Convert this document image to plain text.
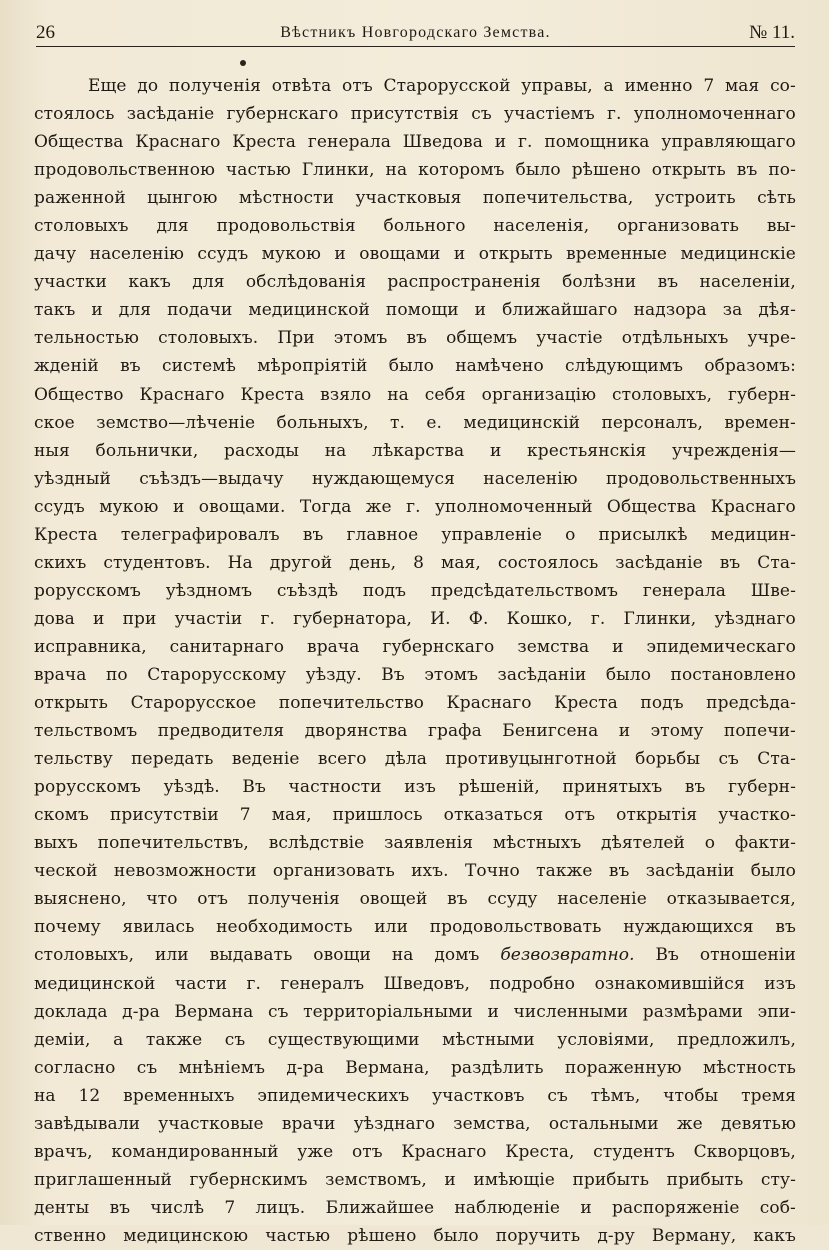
26	Вѣстникъ Новгородскаго Земства.	№ 11.
Еще до полученія отвѣта отъ Старорусской управы, а именно 7 мая со-
стоялось засѣданіе губернскаго присутствія съ участіемъ г. уполномоченнаго
Общества Краснаго Креста генерала Шведова и г. помощника управляющаго
продовольственною частью Глинки, на которомъ было рѣшено открыть въ по-
раженной цынгою мѣстности участковыя попечительства, устроить сѣть
столовыхъ для продовольствія больного населенія, организовать вы-
дачу населенію ссудъ мукою и овощами и открыть временные медицинскіе
участки какъ для обслѣдованія распространенія болѣзни въ населеніи,
такъ и для подачи медицинской помощи и ближайшаго надзора за дѣя-
тельностью столовыхъ. При этомъ въ общемъ участіе отдѣльныхъ учре-
жденій въ системѣ мѣропріятій было намѣчено слѣдующимъ образомъ:
Общество Краснаго Креста взяло на себя организацію столовыхъ, губерн-
ское земство—лѣченіе больныхъ, т. е. медицинскій персоналъ, времен-
ныя больнички, расходы на лѣкарства и крестьянскія учрежденія—
уѣздный съѣздъ—выдачу нуждающемуся населенію продовольственныхъ
ссудъ мукою и овощами. Тогда же г. уполномоченный Общества Краснаго
Креста телеграфировалъ въ главное управленіе о присылкѣ медицин-
скихъ студентовъ. На другой день, 8 мая, состоялось засѣданіе въ Ста-
рорусскомъ уѣздномъ съѣздѣ подъ предсѣдательствомъ генерала Шве-
дова и при участіи г. губернатора, И. Ф. Кошко, г. Глинки, уѣзднаго
исправника, санитарнаго врача губернскаго земства и эпидемическаго
врача по Старорусскому уѣзду. Въ этомъ засѣданіи было постановлено
открыть Старорусское попечительство Краснаго Креста подъ предсѣда-
тельствомъ предводителя дворянства графа Бенигсена и этому попечи-
тельству передать веденіе всего дѣла противуцынготной борьбы съ Ста-
рорусскомъ уѣздѣ. Въ частности изъ рѣшеній, принятыхъ въ губерн-
скомъ присутствіи 7 мая, пришлось отказаться отъ открытія участко-
выхъ попечительствъ, вслѣдствіе заявленія мѣстныхъ дѣятелей о факти-
ческой невозможности организовать ихъ. Точно также въ засѣданіи было
выяснено, что отъ полученія овощей въ ссуду населеніе отказывается,
почему явилась необходимость или продовольствовать нуждающихся въ
столовыхъ, или выдавать овощи на домъ безвозвратно. Въ отношеніи
медицинской части г. генералъ Шведовъ, подробно ознакомившійся изъ
доклада д-ра Вермана съ территоріальными и численными размѣрами эпи-
деміи, а также съ существующими мѣстными условіями, предложилъ,
согласно съ мнѣніемъ д-ра Вермана, раздѣлить пораженную мѣстность
на 12 временныхъ эпидемическихъ участковъ съ тѣмъ, чтобы тремя
завѣдывали участковые врачи уѣзднаго земства, остальными же девятью
врачъ, командированный уже отъ Краснаго Креста, студентъ Скворцовъ,
приглашенный губернскимъ земствомъ, и имѣющіе прибыть прибыть сту-
денты въ числѣ 7 лицъ. Ближайшее наблюденіе и распоряженіе соб-
ственно медицинскою частью рѣшено было поручить д-ру Верману, какъ
